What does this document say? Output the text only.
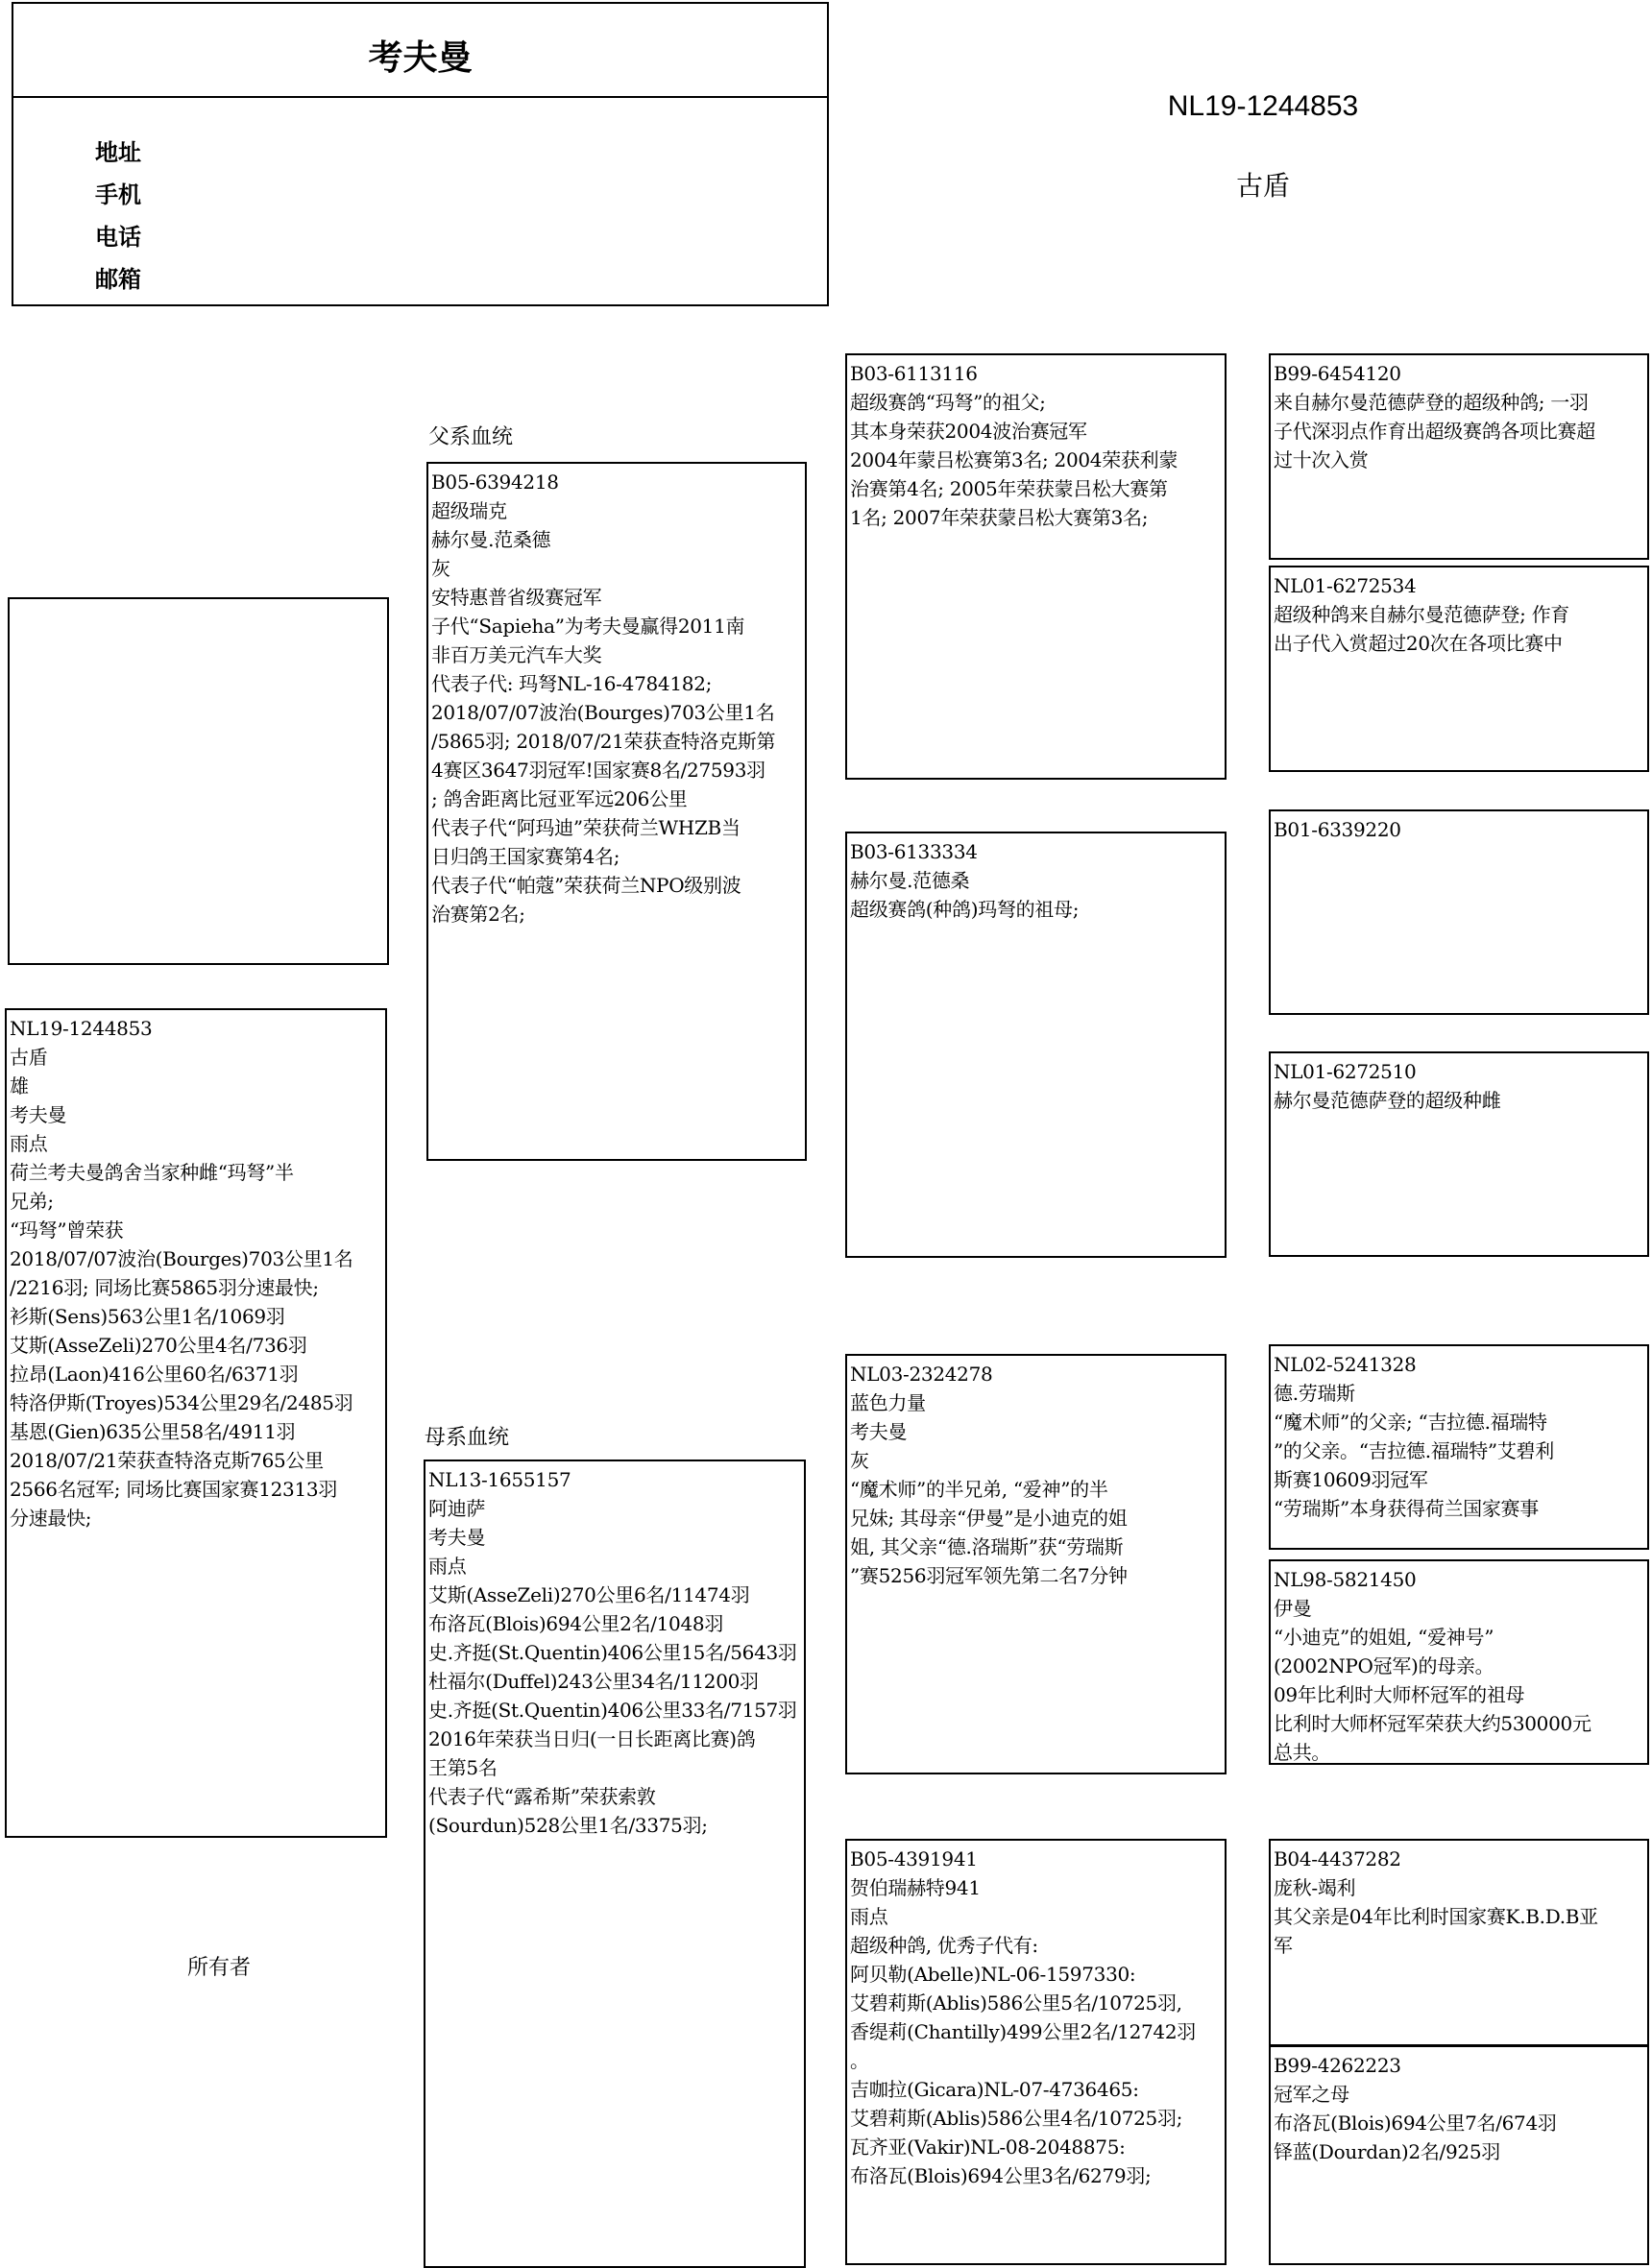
考夫曼
地址
手机
电话
邮箱
NL19-1244853
古盾
父系血统
母系血统
所有者
NL19-1244853
古盾
雄
考夫曼
雨点
荷兰考夫曼鸽舍当家种雌“玛弩”半
兄弟;
“玛弩”曾荣获
2018/07/07波治(Bourges)703公里1名
/2216羽; 同场比赛5865羽分速最快;
衫斯(Sens)563公里1名/1069羽
艾斯(AsseZeli)270公里4名/736羽
拉昂(Laon)416公里60名/6371羽
特洛伊斯(Troyes)534公里29名/2485羽
基恩(Gien)635公里58名/4911羽
2018/07/21荣获查特洛克斯765公里
2566名冠军; 同场比赛国家赛12313羽
分速最快;
B05-6394218
超级瑞克
赫尔曼.范桑德
灰
安特惠普省级赛冠军
子代“Sapieha”为考夫曼赢得2011南
非百万美元汽车大奖
代表子代: 玛弩NL-16-4784182;
2018/07/07波治(Bourges)703公里1名
/5865羽; 2018/07/21荣获查特洛克斯第
4赛区3647羽冠军!国家赛8名/27593羽
; 鸽舍距离比冠亚军远206公里
代表子代“阿玛迪”荣获荷兰WHZB当
日归鸽王国家赛第4名;
代表子代“帕蔻”荣获荷兰NPO级别波
治赛第2名;
NL13-1655157
阿迪萨
考夫曼
雨点
艾斯(AsseZeli)270公里6名/11474羽
布洛瓦(Blois)694公里2名/1048羽
史.齐挺(St.Quentin)406公里15名/5643羽
杜福尔(Duffel)243公里34名/11200羽
史.齐挺(St.Quentin)406公里33名/7157羽
2016年荣获当日归(一日长距离比赛)鸽
王第5名
代表子代“露希斯”荣获索敦
(Sourdun)528公里1名/3375羽;
B03-6113116
超级赛鸽“玛弩”的祖父;
其本身荣获2004波治赛冠军
2004年蒙吕松赛第3名; 2004荣获利蒙
治赛第4名; 2005年荣获蒙吕松大赛第
1名; 2007年荣获蒙吕松大赛第3名;
B03-6133334
赫尔曼.范德桑
超级赛鸽(种鸽)玛弩的祖母;
NL03-2324278
蓝色力量
考夫曼
灰
“魔术师”的半兄弟, “爱神”的半
兄妹; 其母亲“伊曼”是小迪克的姐
姐, 其父亲“德.洛瑞斯”获“劳瑞斯
”赛5256羽冠军领先第二名7分钟
B05-4391941
贺伯瑞赫特941
雨点
超级种鸽, 优秀子代有:
阿贝勒(Abelle)NL-06-1597330:
艾碧莉斯(Ablis)586公里5名/10725羽,
香缇莉(Chantilly)499公里2名/12742羽
。
吉咖拉(Gicara)NL-07-4736465:
艾碧莉斯(Ablis)586公里4名/10725羽;
瓦齐亚(Vakir)NL-08-2048875:
布洛瓦(Blois)694公里3名/6279羽;
B99-6454120
来自赫尔曼范德萨登的超级种鸽; 一羽
子代深羽点作育出超级赛鸽各项比赛超
过十次入赏
NL01-6272534
超级种鸽来自赫尔曼范德萨登; 作育
出子代入赏超过20次在各项比赛中
B01-6339220
NL01-6272510
赫尔曼范德萨登的超级种雌
NL02-5241328
德.劳瑞斯
“魔术师”的父亲; “吉拉德.福瑞特
”的父亲。“吉拉德.福瑞特”艾碧利
斯赛10609羽冠军
“劳瑞斯”本身获得荷兰国家赛事
NL98-5821450
伊曼
“小迪克”的姐姐, “爱神号”
(2002NPO冠军)的母亲。
09年比利时大师杯冠军的祖母
比利时大师杯冠军荣获大约530000元
总共。
B04-4437282
庞秋-竭利
其父亲是04年比利时国家赛K.B.D.B亚
军
B99-4262223
冠军之母
布洛瓦(Blois)694公里7名/674羽
铎蓝(Dourdan)2名/925羽
